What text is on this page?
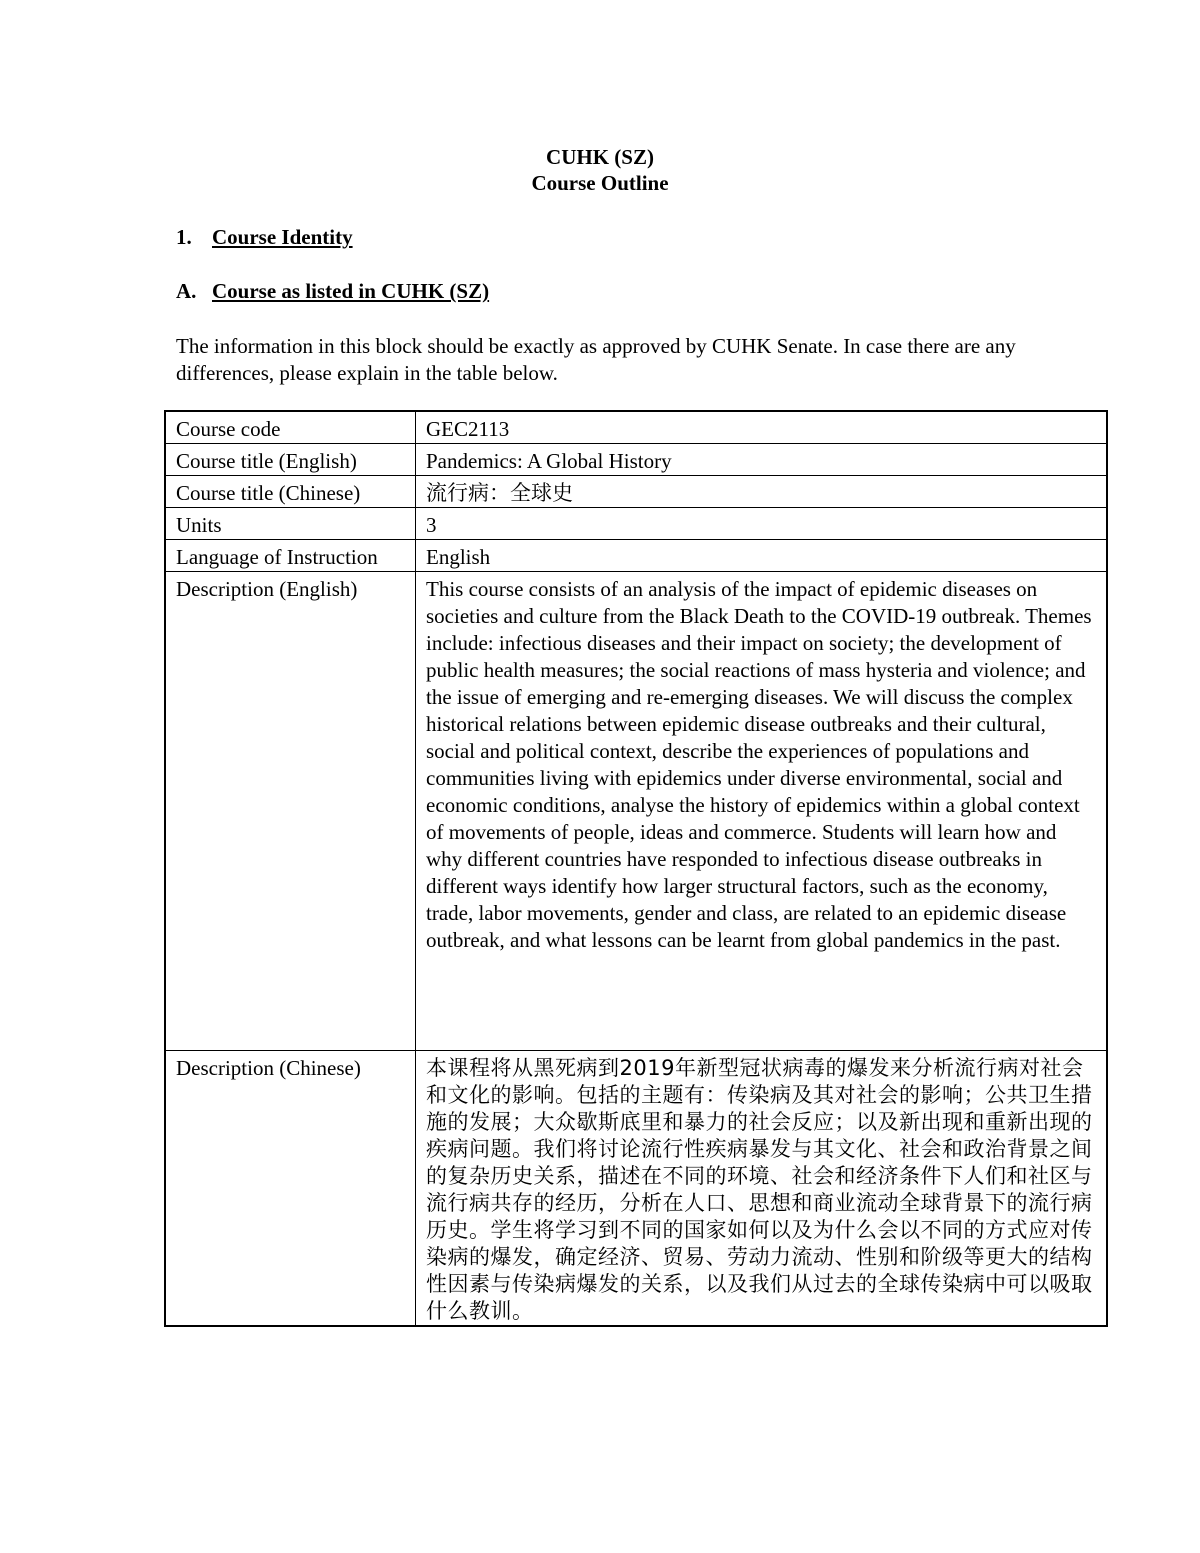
CUHK (SZ)
Course Outline
1. Course Identity
A. Course as listed in CUHK (SZ)
The information in this block should be exactly as approved by CUHK Senate. In case there are any differences, please explain in the table below.
Course code	GEC2113
Course title (English)	Pandemics: A Global History
Course title (Chinese)	流行病：全球史
Units	3
Language of Instruction	English
Description (English)	This course consists of an analysis of the impact of epidemic diseases on societies and culture from the Black Death to the COVID-19 outbreak. Themes include: infectious diseases and their impact on society; the development of public health measures; the social reactions of mass hysteria and violence; and the issue of emerging and re-emerging diseases. We will discuss the complex historical relations between epidemic disease outbreaks and their cultural, social and political context, describe the experiences of populations and communities living with epidemics under diverse environmental, social and economic conditions, analyse the history of epidemics within a global context of movements of people, ideas and commerce. Students will learn how and why different countries have responded to infectious disease outbreaks in different ways identify how larger structural factors, such as the economy, trade, labor movements, gender and class, are related to an epidemic disease outbreak, and what lessons can be learnt from global pandemics in the past.
Description (Chinese)	本课程将从黑死病到2019年新型冠状病毒的爆发来分析流行病对社会和文化的影响。包括的主题有：传染病及其对社会的影响；公共卫生措施的发展；大众歇斯底里和暴力的社会反应；以及新出现和重新出现的疾病问题。我们将讨论流行性疾病暴发与其文化、社会和政治背景之间的复杂历史关系，描述在不同的环境、社会和经济条件下人们和社区与流行病共存的经历，分析在人口、思想和商业流动全球背景下的流行病历史。学生将学习到不同的国家如何以及为什么会以不同的方式应对传染病的爆发，确定经济、贸易、劳动力流动、性别和阶级等更大的结构性因素与传染病爆发的关系，以及我们从过去的全球传染病中可以吸取什么教训。
